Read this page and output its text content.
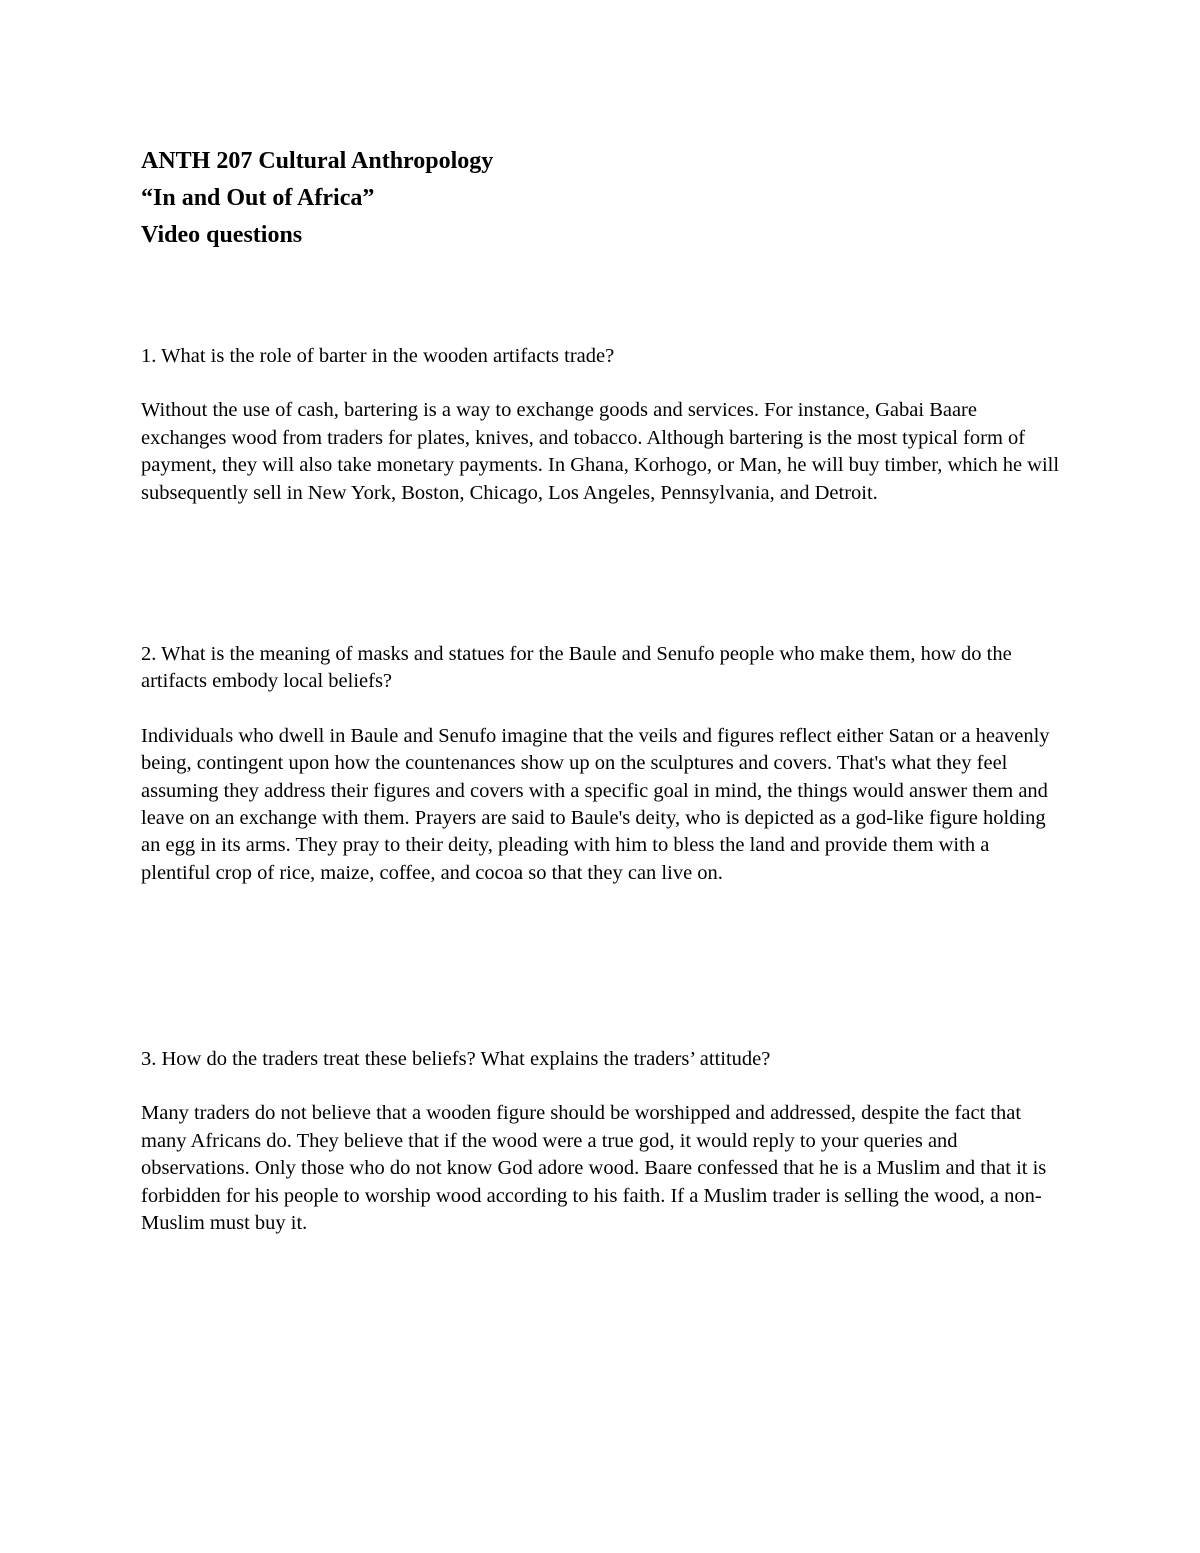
ANTH 207 Cultural Anthropology

“In and Out of Africa”

Video questions

1. What is the role of barter in the wooden artifacts trade?

Without the use of cash, bartering is a way to exchange goods and services. For instance, Gabai Baare exchanges wood from traders for plates, knives, and tobacco. Although bartering is the most typical form of payment, they will also take monetary payments. In Ghana, Korhogo, or Man, he will buy timber, which he will subsequently sell in New York, Boston, Chicago, Los Angeles, Pennsylvania, and Detroit.

2. What is the meaning of masks and statues for the Baule and Senufo people who make them, how do the artifacts embody local beliefs?

Individuals who dwell in Baule and Senufo imagine that the veils and figures reflect either Satan or a heavenly being, contingent upon how the countenances show up on the sculptures and covers. That's what they feel assuming they address their figures and covers with a specific goal in mind, the things would answer them and leave on an exchange with them. Prayers are said to Baule's deity, who is depicted as a god-like figure holding an egg in its arms. They pray to their deity, pleading with him to bless the land and provide them with a plentiful crop of rice, maize, coffee, and cocoa so that they can live on.

3. How do the traders treat these beliefs? What explains the traders’ attitude?

Many traders do not believe that a wooden figure should be worshipped and addressed, despite the fact that many Africans do. They believe that if the wood were a true god, it would reply to your queries and observations. Only those who do not know God adore wood. Baare confessed that he is a Muslim and that it is forbidden for his people to worship wood according to his faith. If a Muslim trader is selling the wood, a non-Muslim must buy it.
